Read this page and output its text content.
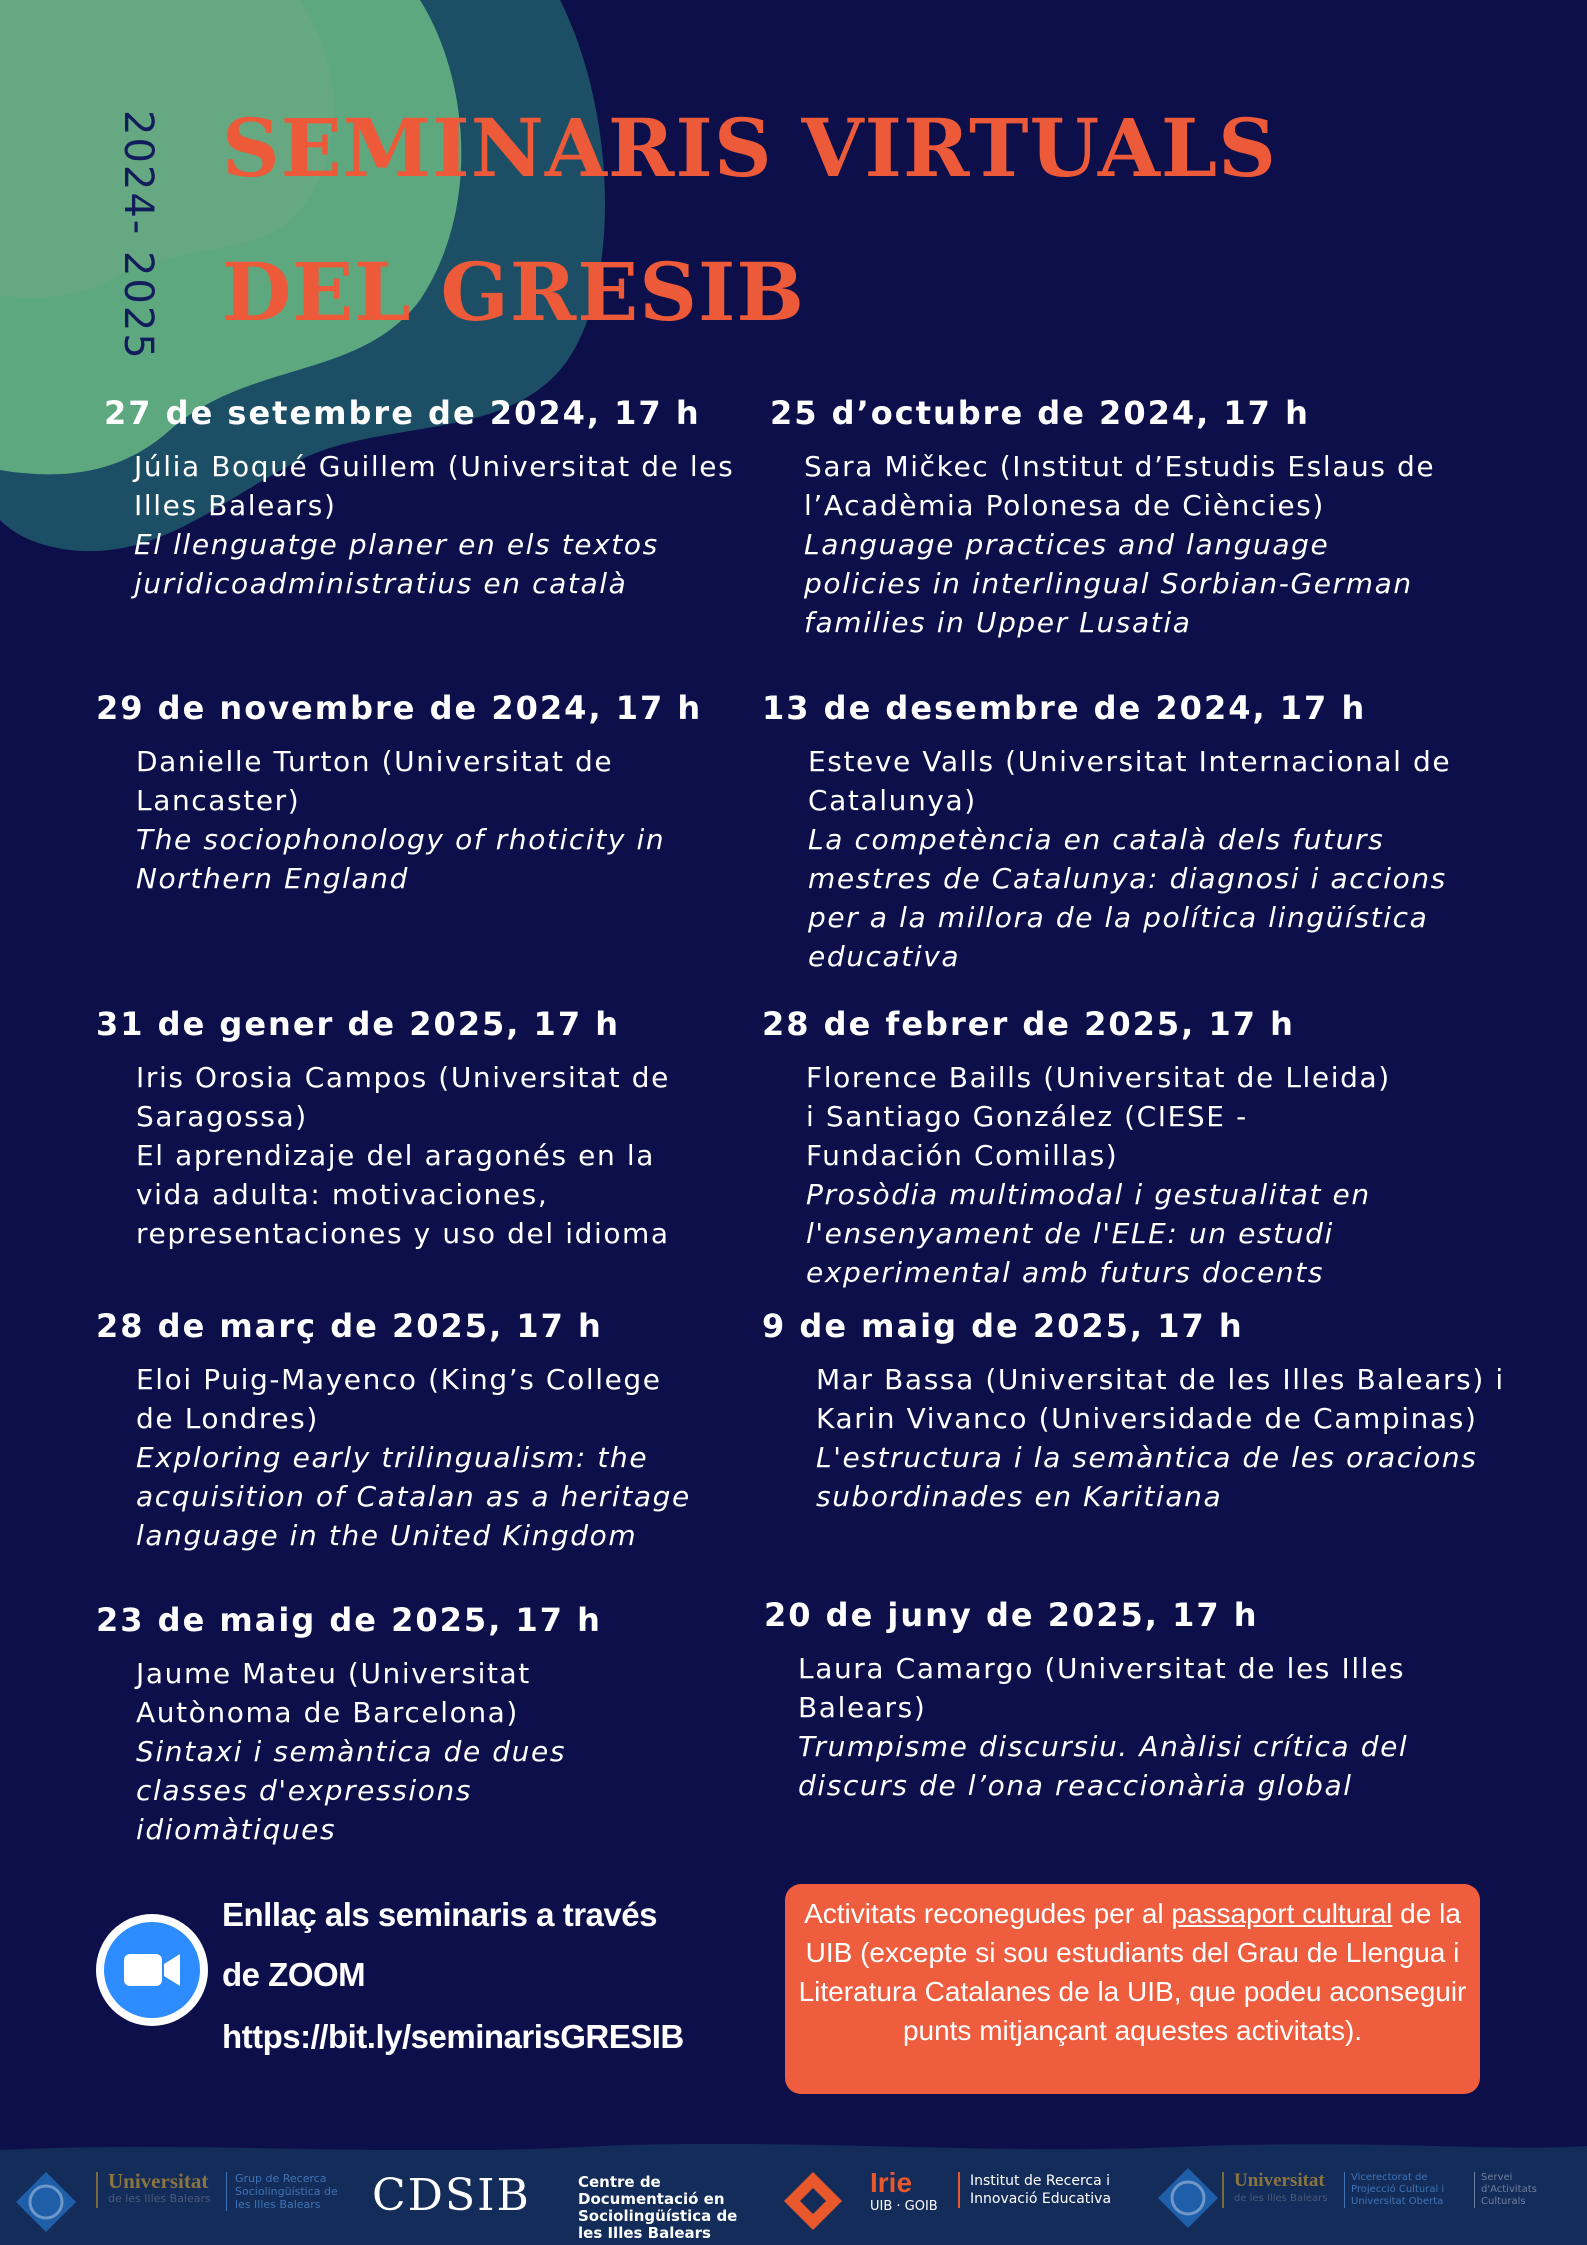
2024- 2025 SEMINARIS VIRTUALS
DEL GRESIB
27 de setembre de 2024, 17 h
Júlia Boqué Guillem (Universitat de les Illes Balears)
El llenguatge planer en els textos juridicoadministratius en català
25 d’octubre de 2024, 17 h
Sara Mičkec (Institut d’Estudis Eslaus de l’Acadèmia Polonesa de Ciències)
Language practices and language policies in interlingual Sorbian-German families in Upper Lusatia
29 de novembre de 2024, 17 h
Danielle Turton (Universitat de Lancaster)
The sociophonology of rhoticity in Northern England
13 de desembre de 2024, 17 h
Esteve Valls (Universitat Internacional de Catalunya)
La competència en català dels futurs mestres de Catalunya: diagnosi i accions per a la millora de la política lingüística educativa
31 de gener de 2025, 17 h
Iris Orosia Campos (Universitat de Saragossa)
El aprendizaje del aragonés en la vida adulta: motivaciones, representaciones y uso del idioma
28 de febrer de 2025, 17 h
Florence Baills (Universitat de Lleida) i Santiago González (CIESE - Fundación Comillas)
Prosòdia multimodal i gestualitat en l'ensenyament de l'ELE: un estudi experimental amb futurs docents
28 de març de 2025, 17 h
Eloi Puig-Mayenco (King’s College de Londres)
Exploring early trilingualism: the acquisition of Catalan as a heritage language in the United Kingdom
9 de maig de 2025, 17 h
Mar Bassa (Universitat de les Illes Balears) i Karin Vivanco (Universidade de Campinas)
L'estructura i la semàntica de les oracions subordinades en Karitiana
23 de maig de 2025, 17 h
Jaume Mateu (Universitat Autònoma de Barcelona)
Sintaxi i semàntica de dues classes d'expressions idiomàtiques
20 de juny de 2025, 17 h
Laura Camargo (Universitat de les Illes Balears)
Trumpisme discursiu. Anàlisi crítica del discurs de l’ona reaccionària global
Enllaç als seminaris a través
de ZOOM
https://bit.ly/seminarisGRESIB

Activitats reconegudes per al passaport cultural de la UIB (excepte si sou estudiants del Grau de Llengua i Literatura Catalanes de la UIB, que podeu aconseguir punts mitjançant aquestes activitats).

Universitat
de les Illes Balears
Grup de Recerca Sociolingüística de les Illes Balears	CDSIB	Centre de Documentació en Sociolingüística de les Illes Balears
Irie
UIB · GOIB
Institut de Recerca i Innovació Educativa
Universitat
de les Illes Balears
Vicerectorat de Projecció Cultural i Universitat Oberta
Servei d'Activitats Culturals
